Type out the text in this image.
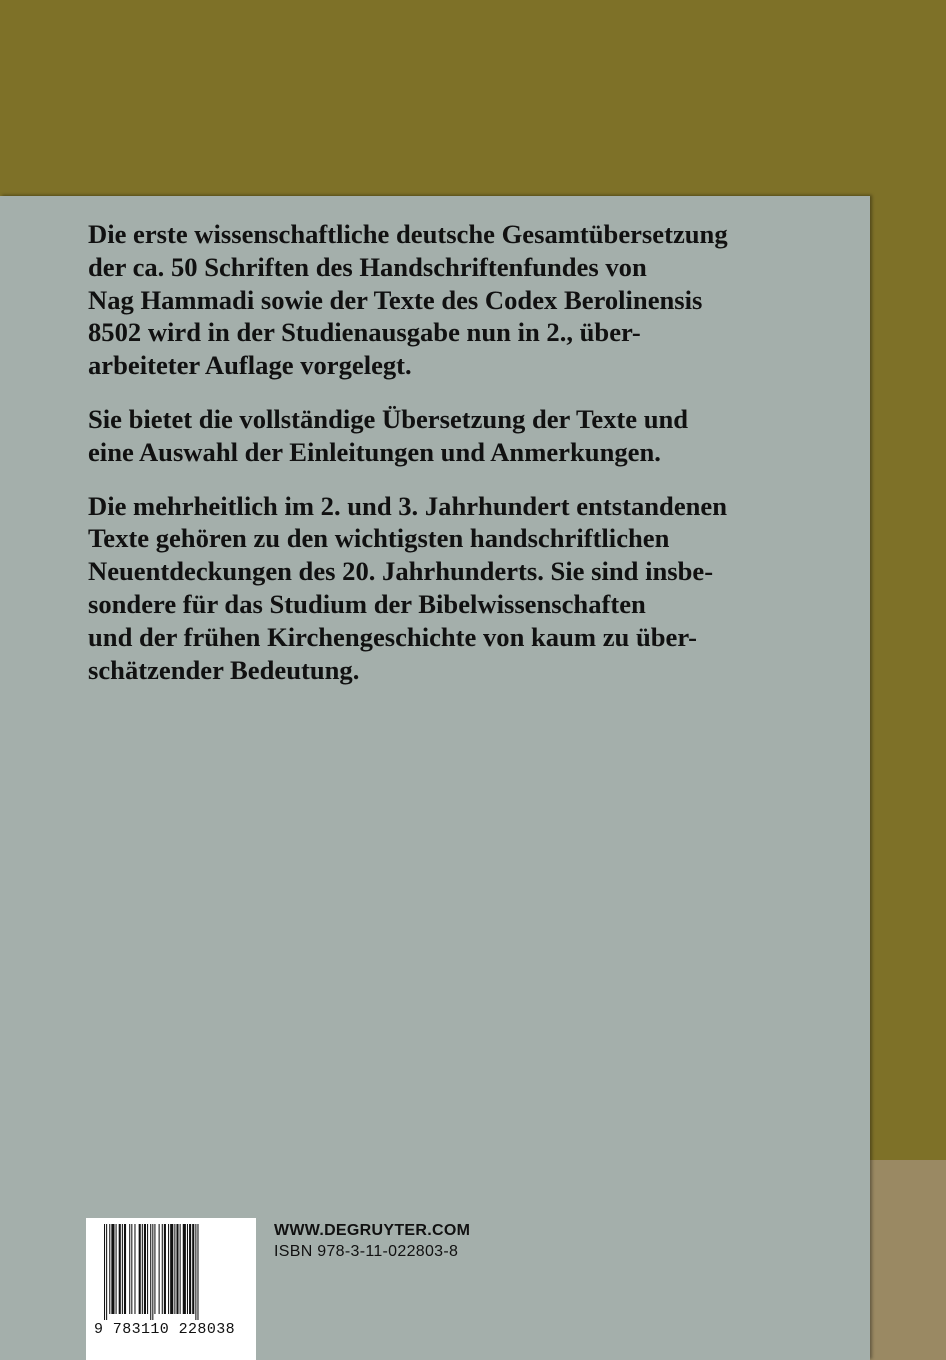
Die erste wissenschaftliche deutsche Gesamtübersetzung
der ca. 50 Schriften des Handschriftenfundes von
Nag Hammadi sowie der Texte des Codex Berolinensis
8502 wird in der Studienausgabe nun in 2., über-
arbeiteter Auflage vorgelegt.

Sie bietet die vollständige Übersetzung der Texte und
eine Auswahl der Einleitungen und Anmerkungen.

Die mehrheitlich im 2. und 3. Jahrhundert entstandenen
Texte gehören zu den wichtigsten handschriftlichen
Neuentdeckungen des 20. Jahrhunderts. Sie sind insbe-
sondere für das Studium der Bibelwissenschaften
und der frühen Kirchengeschichte von kaum zu über-
schätzender Bedeutung.

9 783110 228038
WWW.DEGRUYTER.COM
ISBN 978-3-11-022803-8
